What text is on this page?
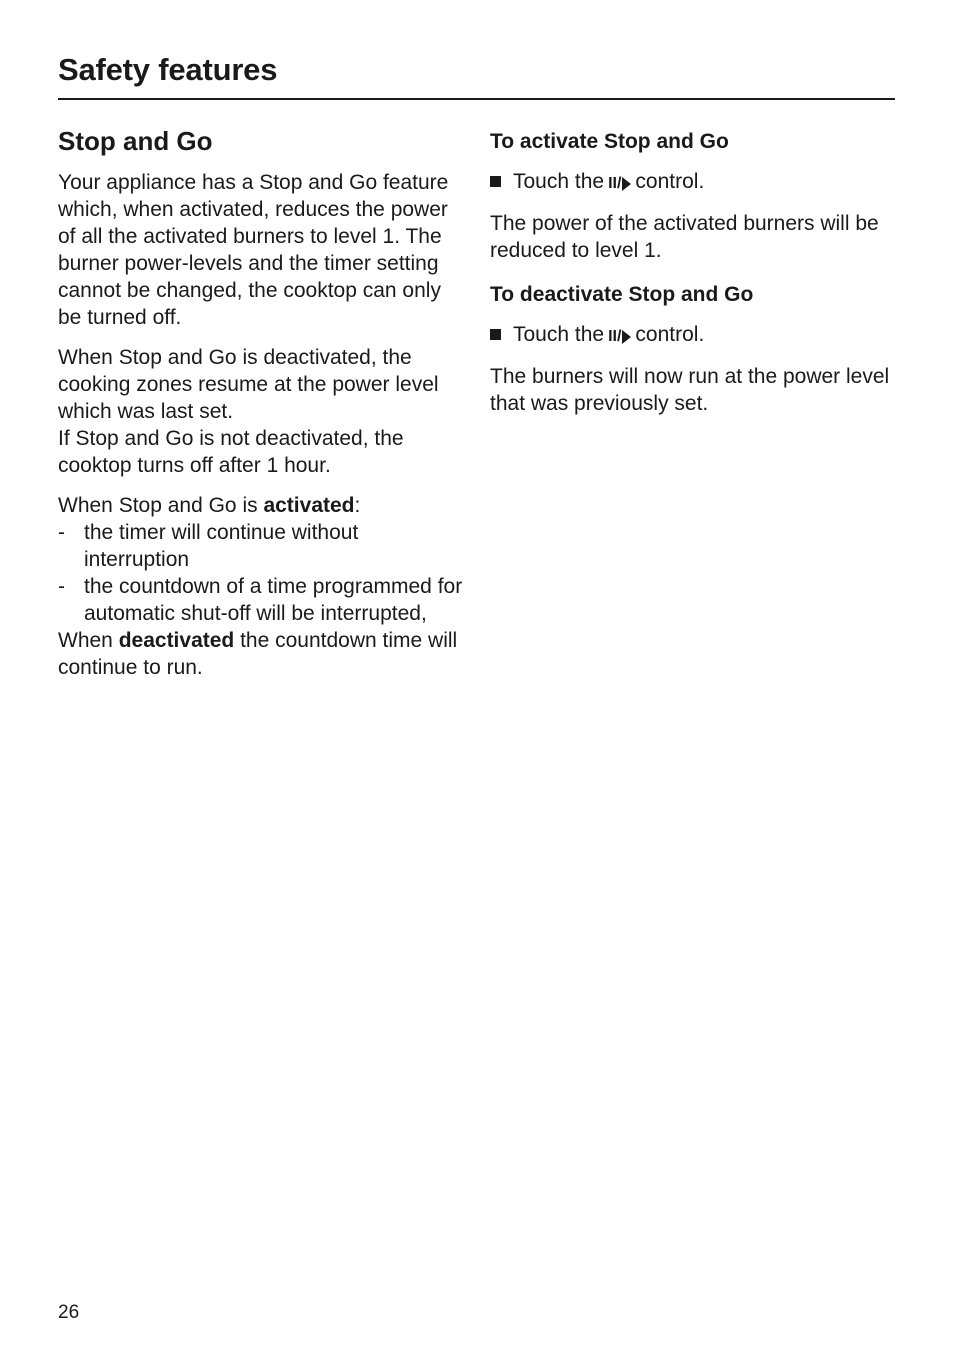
Safety features
Stop and Go

Your appliance has a Stop and Go feature which, when activated, reduces the power of all the activated burners to level 1. The burner power-levels and the timer setting cannot be changed, the cooktop can only be turned off.

When Stop and Go is deactivated, the cooking zones resume at the power level which was last set.

If Stop and Go is not deactivated, the cooktop turns off after 1 hour.

When Stop and Go is activated:

- the timer will continue without interruption
- the countdown of a time programmed for automatic shut-off will be interrupted,

When deactivated the countdown time will continue to run.

To activate Stop and Go
Touch the II/ control.

The power of the activated burners will be reduced to level 1.

To deactivate Stop and Go
Touch the II/ control.

The burners will now run at the power level that was previously set.

26
